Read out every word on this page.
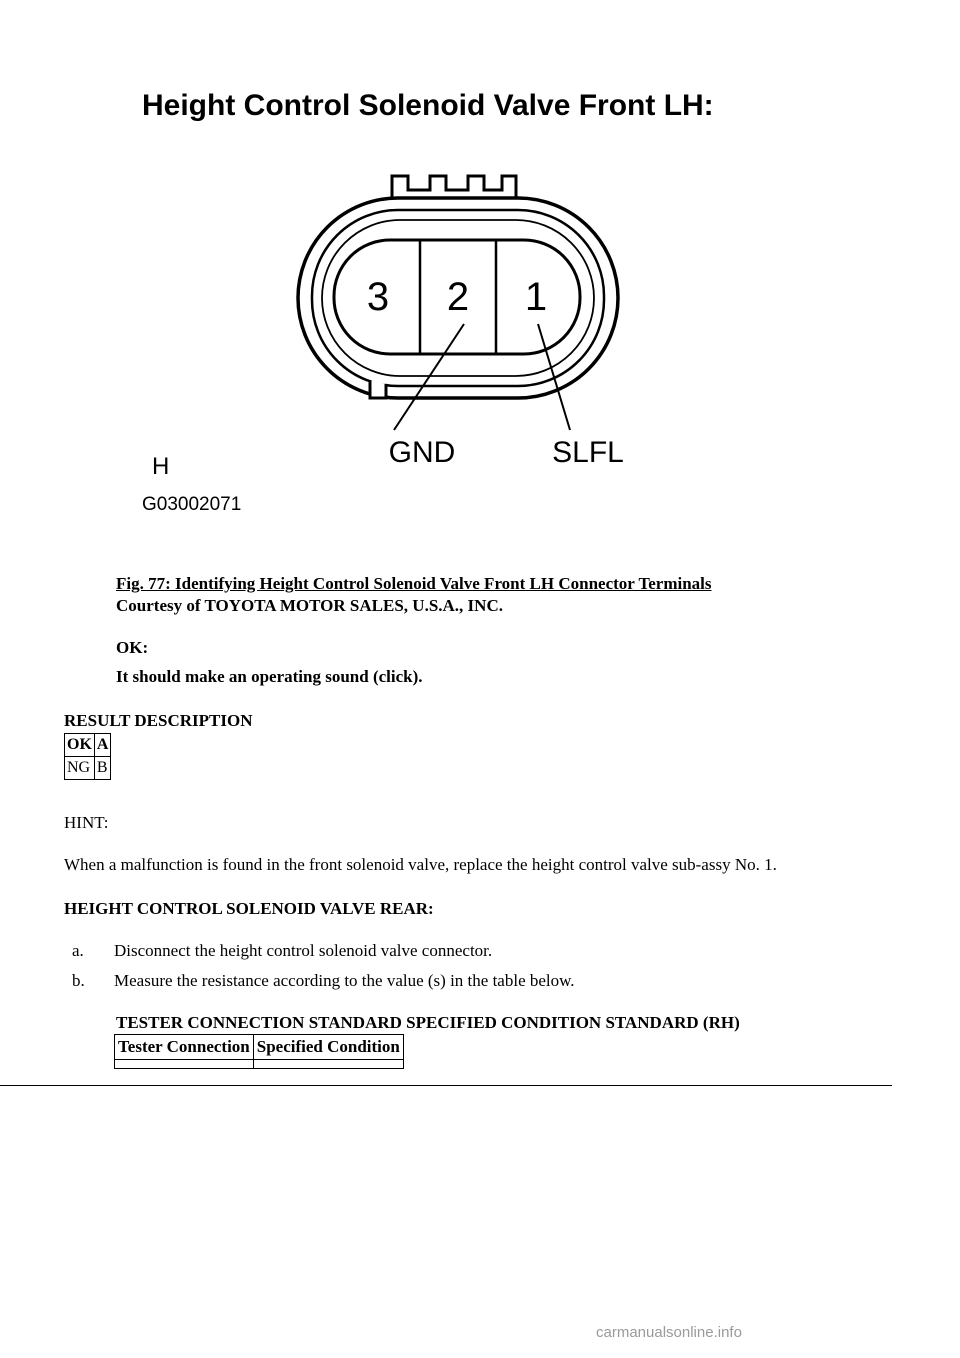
Height Control Solenoid Valve Front LH:
3 2 1
GND	SLFL
H
G03002071
Fig. 77: Identifying Height Control Solenoid Valve Front LH Connector Terminals
Courtesy of TOYOTA MOTOR SALES, U.S.A., INC.
OK:
It should make an operating sound (click).
RESULT DESCRIPTION
OK	A
NG	B
HINT:
When a malfunction is found in the front solenoid valve, replace the height control valve sub-assy No. 1.
HEIGHT CONTROL SOLENOID VALVE REAR:
a. Disconnect the height control solenoid valve connector.
b. Measure the resistance according to the value (s) in the table below.
TESTER CONNECTION STANDARD SPECIFIED CONDITION STANDARD (RH)
Tester Connection	Specified Condition

carmanualsonline.info
